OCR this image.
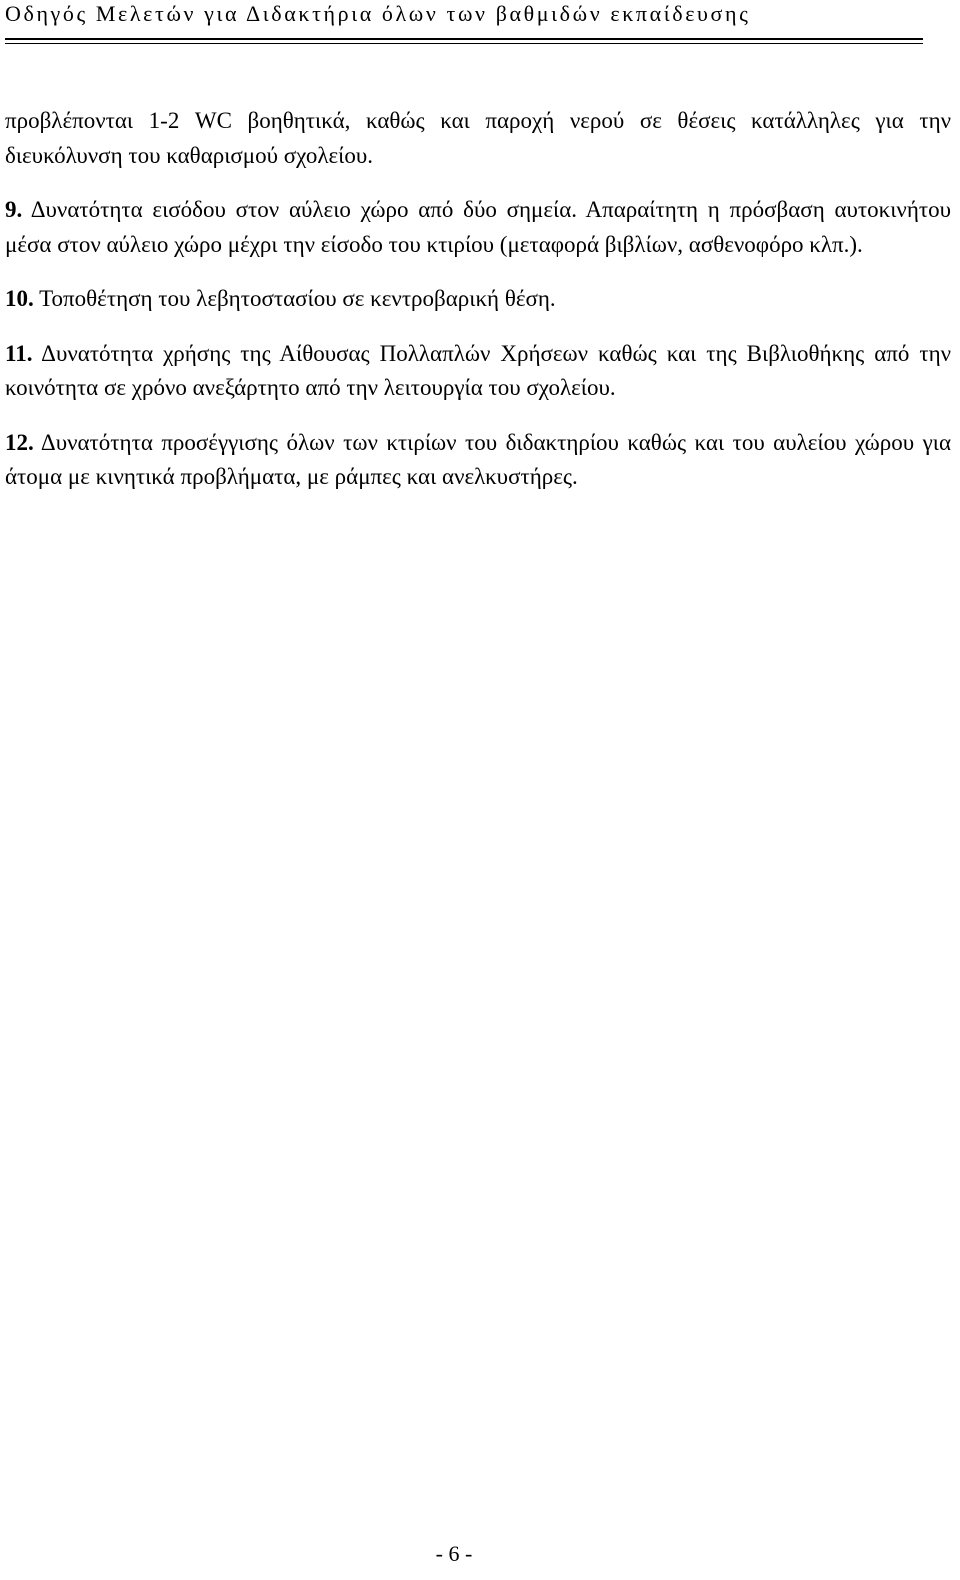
Οδηγός Μελετών για Διδακτήρια όλων των βαθμιδών εκπαίδευσης

προβλέπονται 1-2 WC βοηθητικά, καθώς και παροχή νερού σε θέσεις κατάλληλες για την διευκόλυνση του καθαρισμού σχολείου.

9. Δυνατότητα εισόδου στον αύλειο χώρο από δύο σημεία. Απαραίτητη η πρόσβαση αυτοκινήτου μέσα στον αύλειο χώρο μέχρι την είσοδο του κτιρίου (μεταφορά βιβλίων, ασθενοφόρο κλπ.).

10. Τοποθέτηση του λεβητοστασίου σε κεντροβαρική θέση.

11. Δυνατότητα χρήσης της Αίθουσας Πολλαπλών Χρήσεων καθώς και της Βιβλιοθήκης από την κοινότητα σε χρόνο ανεξάρτητο από την λειτουργία του σχολείου.

12. Δυνατότητα προσέγγισης όλων των κτιρίων του διδακτηρίου καθώς και του αυλείου χώρου για άτομα με κινητικά προβλήματα, με ράμπες και ανελκυστήρες.

- 6 -
